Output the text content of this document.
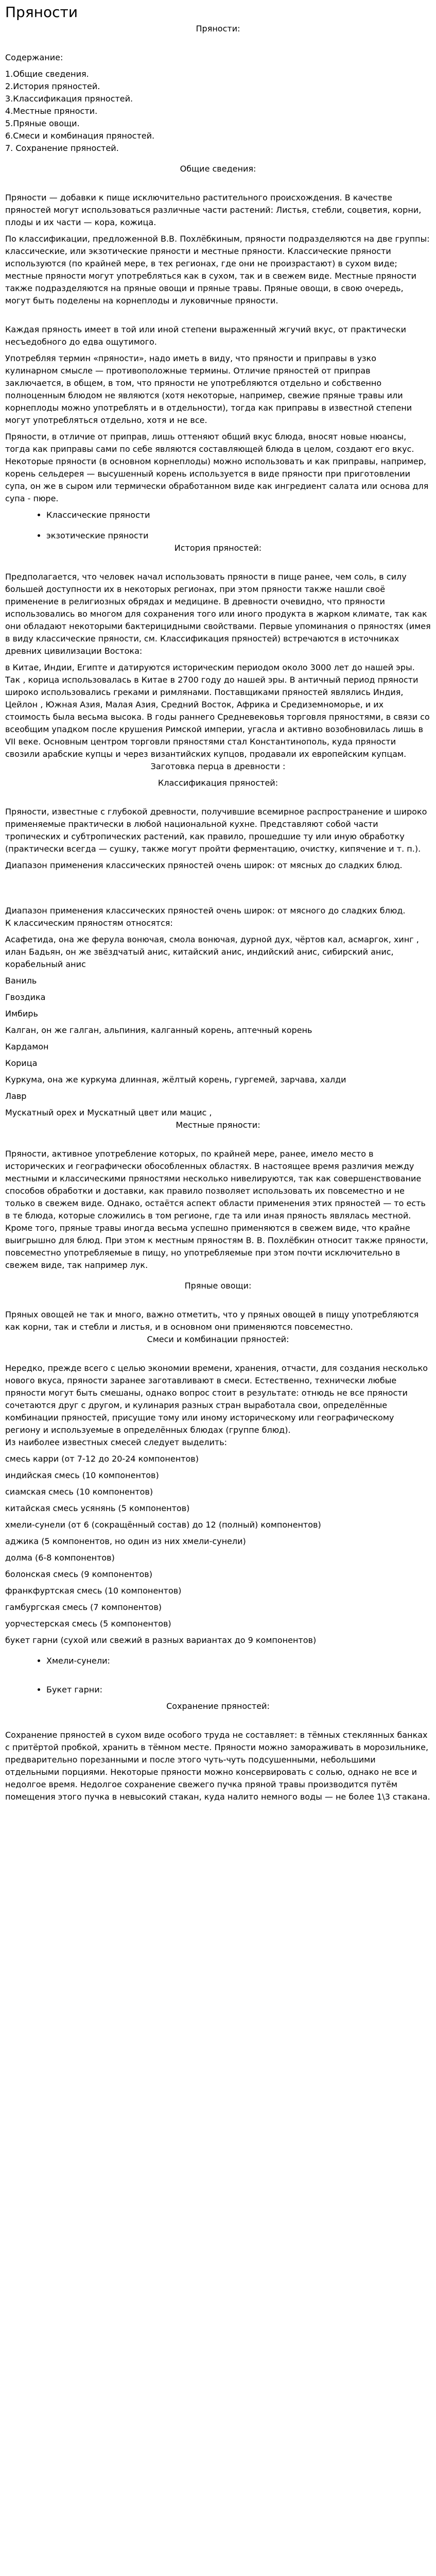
Пряности

Пряности:

Содержание:

1.Общие сведения.

2.История пряностей.

3.Классификация пряностей.

4.Местные пряности.

5.Пряные овощи.

6.Смеси и комбинация пряностей.

7. Сохранение пряностей.

Общие сведения:

Пряности — добавки к пище исключительно растительного происхождения. В качестве пряностей могут использоваться различные части растений: Листья, стебли, соцветия, корни, плоды и их части — кора, кожица.

По классификации, предложенной В.В. Похлёбкиным, пряности подразделяются на две группы: классические, или экзотические пряности и местные пряности. Классические пряности используются (по крайней мере, в тех регионах, где они не произрастают) в сухом виде; местные пряности могут употребляться как в сухом, так и в свежем виде. Местные пряности также подразделяются на пряные овощи и пряные травы. Пряные овощи, в свою очередь, могут быть поделены на корнеплоды и луковичные пряности.

Каждая пряность имеет в той или иной степени выраженный жгучий вкус, от практически несъедобного до едва ощутимого.

Употребляя термин «пряности», надо иметь в виду, что пряности и приправы в узко кулинарном смысле — противоположные термины. Отличие пряностей от приправ заключается, в общем, в том, что пряности не употребляются отдельно и собственно полноценным блюдом не являются (хотя некоторые, например, свежие пряные травы или корнеплоды можно употреблять и в отдельности), тогда как приправы в известной степени могут употребляться отдельно, хотя и не все.

Пряности, в отличие от приправ, лишь оттеняют общий вкус блюда, вносят новые нюансы, тогда как приправы сами по себе являются составляющей блюда в целом, создают его вкус. Некоторые пряности (в основном корнеплоды) можно использовать и как приправы, например, корень сельдерея — высушенный корень используется в виде пряности при приготовлении супа, он же в сыром или термически обработанном виде как ингредиент салата или основа для супа - пюре.

• Классические пряности
• экзотические пряности

История пряностей:

Предполагается, что человек начал использовать пряности в пище ранее, чем соль, в силу большей доступности их в некоторых регионах, при этом пряности также нашли своё применение в религиозных обрядах и медицине. В древности очевидно, что пряности использовались во многом для сохранения того или иного продукта в жарком климате, так как они обладают некоторыми бактерицидными свойствами. Первые упоминания о пряностях (имея в виду классические пряности, см. Классификация пряностей) встречаются в источниках древних цивилизации Востока:

в Китае, Индии, Египте и датируются историческим периодом около 3000 лет до нашей эры. Так , корица использовалась в Китае в 2700 году до нашей эры. В античный период пряности широко использовались греками и римлянами. Поставщиками пряностей являлись Индия, Цейлон , Южная Азия, Малая Азия, Средний Восток, Африка и Средиземноморье, и их стоимость была весьма высока. В годы раннего Средневековья торговля пряностями, в связи со всеобщим упадком после крушения Римской империи, угасла и активно возобновилась лишь в VII веке. Основным центром торговли пряностями стал Константинополь, куда пряности свозили арабские купцы и через византийских купцов, продавали их европейским купцам.

Заготовка перца в древности :

Классификация пряностей:

Пряности, известные с глубокой древности, получившие всемирное распространение и широко применяемые практически в любой национальной кухне. Представляют собой части тропических и субтропических растений, как правило, прошедшие ту или иную обработку (практически всегда — сушку, также могут пройти ферментацию, очистку, кипячение и т. п.).

Диапазон применения классических пряностей очень широк: от мясных до сладких блюд.

Диапазон применения классических пряностей очень широк: от мясного до сладких блюд.

К классическим пряностям относятся:

Асафетида, она же ферула вонючая, смола вонючая, дурной дух, чёртов кал, асмаргок, хинг , илан Бадьян, он же звёздчатый анис, китайский анис, индийский анис, сибирский анис, корабельный анис

Ваниль

Гвоздика

Имбирь

Калган, он же галган, альпиния, калганный корень, аптечный корень

Кардамон

Корица

Куркума, она же куркума длинная, жёлтый корень, гургемей, зарчава, халди

Лавр

Мускатный орех и Мускатный цвет или мацис ,

Местные пряности:

Пряности, активное употребление которых, по крайней мере, ранее, имело место в исторических и географически обособленных областях. В настоящее время различия между местными и классическими пряностями несколько нивелируются, так как совершенствование способов обработки и доставки, как правило позволяет использовать их повсеместно и не только в свежем виде. Однако, остаётся аспект области применения этих пряностей — то есть в те блюда, которые сложились в том регионе, где та или иная пряность являлась местной. Кроме того, пряные травы иногда весьма успешно применяются в свежем виде, что крайне выигрышно для блюд. При этом к местным пряностям В. В. Похлёбкин относит также пряности, повсеместно употребляемые в пищу, но употребляемые при этом почти исключительно в свежем виде, так например лук.

Пряные овощи:

Пряных овощей не так и много, важно отметить, что у пряных овощей в пищу употребляются как корни, так и стебли и листья, и в основном они применяются повсеместно.

Смеси и комбинации пряностей:

Нередко, прежде всего с целью экономии времени, хранения, отчасти, для создания несколько нового вкуса, пряности заранее заготавливают в смеси. Естественно, технически любые пряности могут быть смешаны, однако вопрос стоит в результате: отнюдь не все пряности сочетаются друг с другом, и кулинария разных стран выработала свои, определённые комбинации пряностей, присущие тому или иному историческому или географическому региону и используемые в определённых блюдах (группе блюд).

Из наиболее известных смесей следует выделить:

смесь карри (от 7-12 до 20-24 компонентов)

индийская смесь (10 компонентов)

сиамская смесь (10 компонентов)

китайская смесь усянянь (5 компонентов)

хмели-сунели (от 6 (сокращённый состав) до 12 (полный) компонентов)

аджика (5 компонентов, но один из них хмели-сунели)

долма (6-8 компонентов)

болонская смесь (9 компонентов)

франкфуртская смесь (10 компонентов)

гамбургская смесь (7 компонентов)

уорчестерская смесь (5 компонентов)

букет гарни (сухой или свежий в разных вариантах до 9 компонентов)

• Хмели-сунели:
• Букет гарни:

Сохранение пряностей:

Сохранение пряностей в сухом виде особого труда не составляет: в тёмных стеклянных банках с притёртой пробкой, хранить в тёмном месте. Пряности можно замораживать в морозильнике, предварительно порезанными и после этого чуть-чуть подсушенными, небольшими отдельными порциями. Некоторые пряности можно консервировать с солью, однако не все и недолгое время. Недолгое сохранение свежего пучка пряной травы производится путём помещения этого пучка в невысокий стакан, куда налито немного воды — не более 1\3 стакана.
